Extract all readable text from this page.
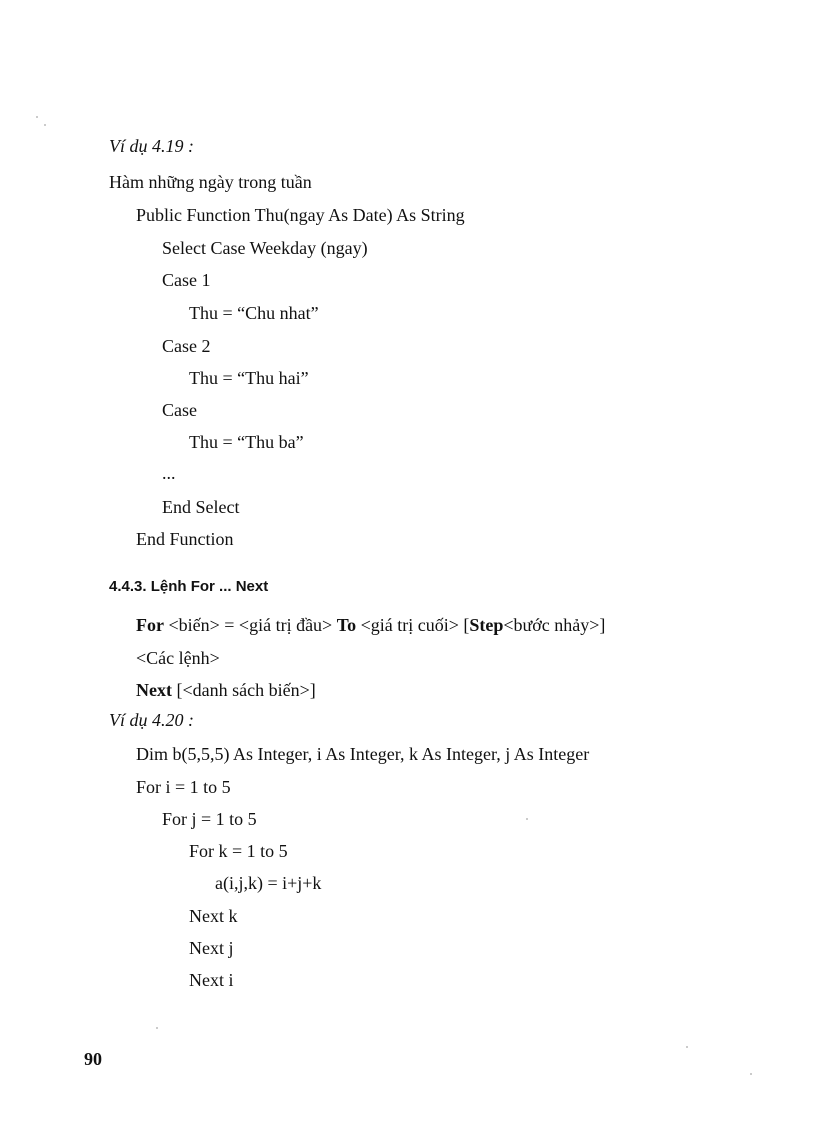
Ví dụ 4.19 :
Hàm những ngày trong tuần
Public Function Thu(ngay As Date) As String
Select Case Weekday (ngay)
Case 1
Thu = “Chu nhat”
Case 2
Thu = “Thu hai”
Case
Thu = “Thu ba”
...
End Select
End Function
4.4.3. Lệnh For ... Next
For <biến> = <giá trị đầu> To <giá trị cuối> [Step<bước nhảy>]
<Các lệnh>
Next [<danh sách biến>]
Ví dụ 4.20 :
Dim b(5,5,5) As Integer, i As Integer, k As Integer, j As Integer
For i = 1 to 5
For j = 1 to 5
For k = 1 to 5
a(i,j,k) = i+j+k
Next k
Next j
Next i
90
